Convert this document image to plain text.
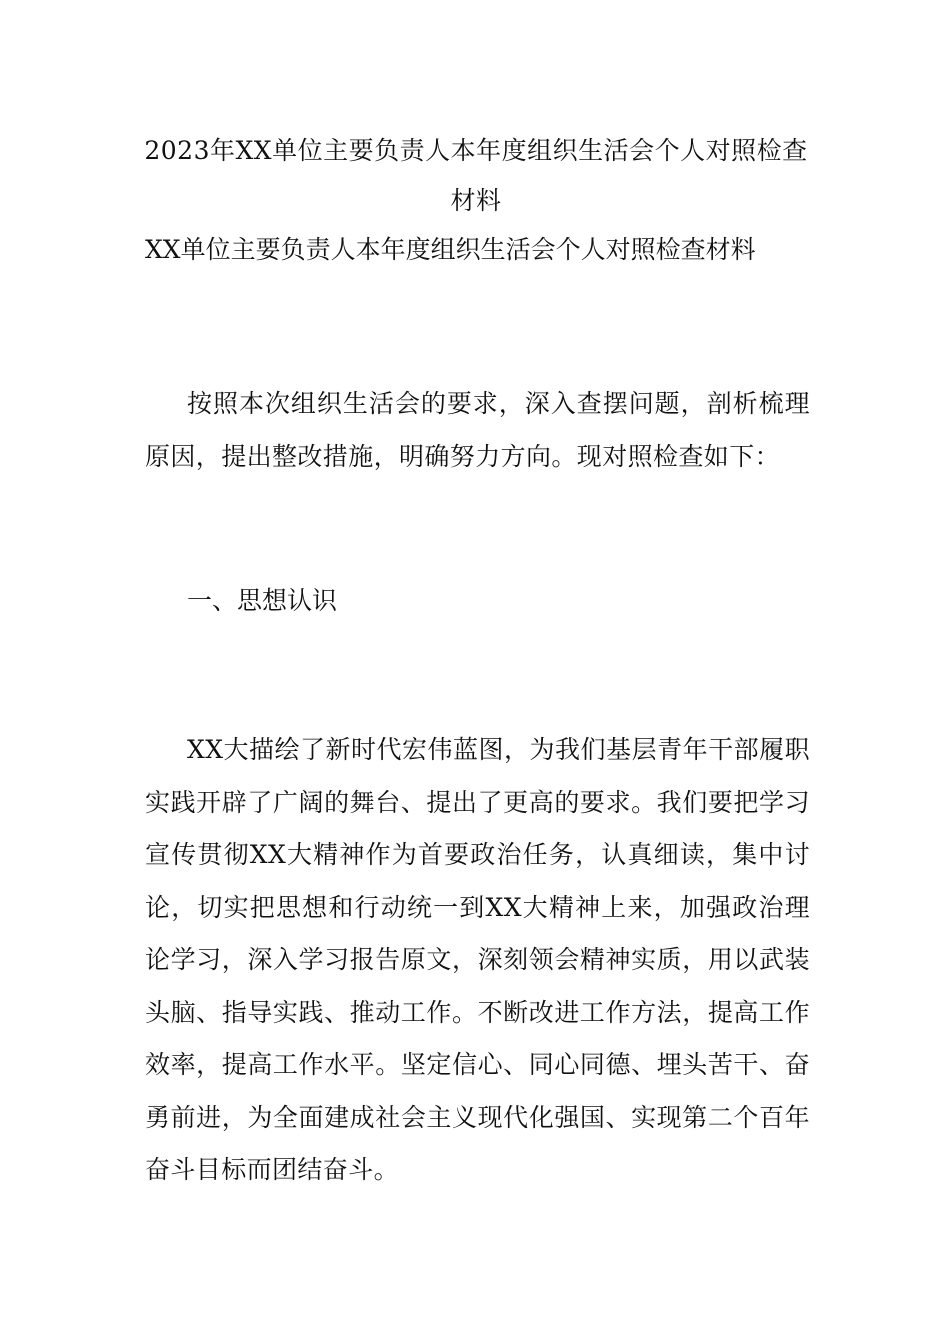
2023年XX单位主要负责人本年度组织生活会个人对照检查材料
XX单位主要负责人本年度组织生活会个人对照检查材料

按照本次组织生活会的要求，深入查摆问题，剖析梳理原因，提出整改措施，明确努力方向。现对照检查如下：

一、思想认识

XX大描绘了新时代宏伟蓝图，为我们基层青年干部履职实践开辟了广阔的舞台、提出了更高的要求。我们要把学习宣传贯彻XX大精神作为首要政治任务，认真细读，集中讨论，切实把思想和行动统一到XX大精神上来，加强政治理论学习，深入学习报告原文，深刻领会精神实质，用以武装头脑、指导实践、推动工作。不断改进工作方法，提高工作效率，提高工作水平。坚定信心、同心同德、埋头苦干、奋勇前进，为全面建成社会主义现代化强国、实现第二个百年奋斗目标而团结奋斗。
